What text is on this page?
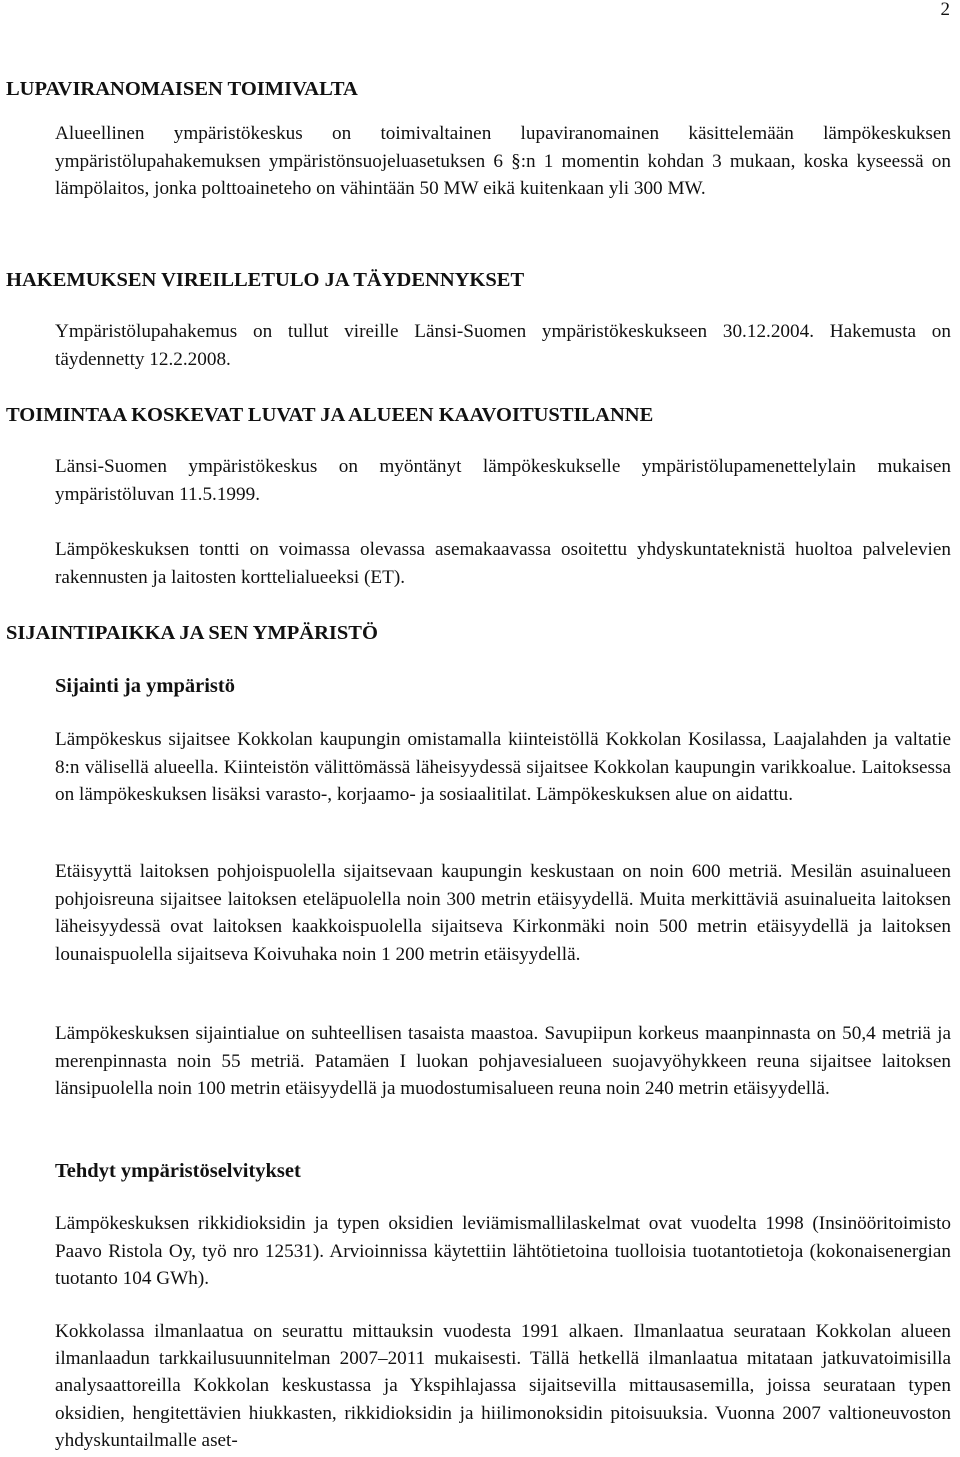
2
LUPAVIRANOMAISEN TOIMIVALTA

Alueellinen ympäristökeskus on toimivaltainen lupaviranomainen käsittelemään lämpökeskuksen ympäristölupahakemuksen ympäristönsuojeluasetuksen 6 §:n 1 momentin kohdan 3 mukaan, koska kyseessä on lämpölaitos, jonka polttoaineteho on vähintään 50 MW eikä kuitenkaan yli 300 MW.

HAKEMUKSEN VIREILLETULO JA TÄYDENNYKSET

Ympäristölupahakemus on tullut vireille Länsi-Suomen ympäristökeskukseen 30.12.2004. Hakemusta on täydennetty 12.2.2008.

TOIMINTAA KOSKEVAT LUVAT JA ALUEEN KAAVOITUSTILANNE

Länsi-Suomen ympäristökeskus on myöntänyt lämpökeskukselle ympäristölupamenettelylain mukaisen ympäristöluvan 11.5.1999.

Lämpökeskuksen tontti on voimassa olevassa asemakaavassa osoitettu yhdyskuntateknistä huoltoa palvelevien rakennusten ja laitosten korttelialueeksi (ET).

SIJAINTIPAIKKA JA SEN YMPÄRISTÖ
Sijainti ja ympäristö

Lämpökeskus sijaitsee Kokkolan kaupungin omistamalla kiinteistöllä Kokkolan Kosilassa, Laajalahden ja valtatie 8:n välisellä alueella. Kiinteistön välittömässä läheisyydessä sijaitsee Kokkolan kaupungin varikkoalue. Laitoksessa on lämpökeskuksen lisäksi varasto-, korjaamo- ja sosiaalitilat. Lämpökeskuksen alue on aidattu.

Etäisyyttä laitoksen pohjoispuolella sijaitsevaan kaupungin keskustaan on noin 600 metriä. Mesilän asuinalueen pohjoisreuna sijaitsee laitoksen eteläpuolella noin 300 metrin etäisyydellä. Muita merkittäviä asuinalueita laitoksen läheisyydessä ovat laitoksen kaakkoispuolella sijaitseva Kirkonmäki noin 500 metrin etäisyydellä ja laitoksen lounaispuolella sijaitseva Koivuhaka noin 1 200 metrin etäisyydellä.

Lämpökeskuksen sijaintialue on suhteellisen tasaista maastoa. Savupiipun korkeus maanpinnasta on 50,4 metriä ja merenpinnasta noin 55 metriä. Patamäen I luokan pohjavesialueen suojavyöhykkeen reuna sijaitsee laitoksen länsipuolella noin 100 metrin etäisyydellä ja muodostumisalueen reuna noin 240 metrin etäisyydellä.

Tehdyt ympäristöselvitykset

Lämpökeskuksen rikkidioksidin ja typen oksidien leviämismallilaskelmat ovat vuodelta 1998 (Insinööritoimisto Paavo Ristola Oy, työ nro 12531). Arvioinnissa käytettiin lähtötietoina tuolloisia tuotantotietoja (kokonaisenergian tuotanto 104 GWh).

Kokkolassa ilmanlaatua on seurattu mittauksin vuodesta 1991 alkaen. Ilmanlaatua seurataan Kokkolan alueen ilmanlaadun tarkkailusuunnitelman 2007–2011 mukaisesti. Tällä hetkellä ilmanlaatua mitataan jatkuvatoimisilla analysaattoreilla Kokkolan keskustassa ja Ykspihlajassa sijaitsevilla mittausasemilla, joissa seurataan typen oksidien, hengitettävien hiukkasten, rikkidioksidin ja hiilimonoksidin pitoisuuksia. Vuonna 2007 valtioneuvoston yhdyskuntailmalle aset-
